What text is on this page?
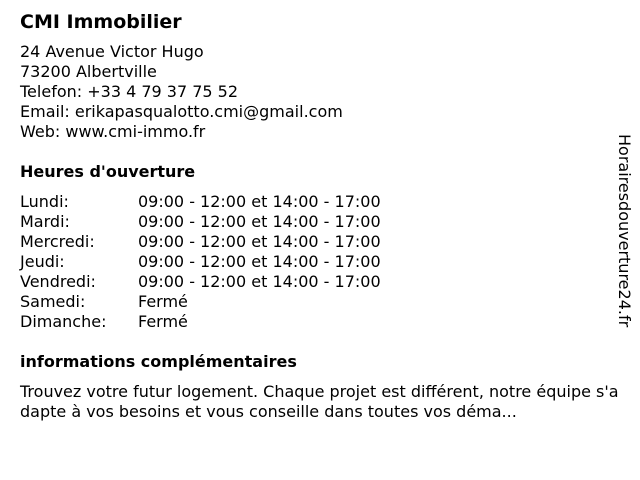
CMI Immobilier
24 Avenue Victor Hugo
73200 Albertville
Telefon: +33 4 79 37 75 52
Email: erikapasqualotto.cmi@gmail.com
Web: www.cmi-immo.fr
Heures d'ouverture
Lundi:	09:00 - 12:00 et 14:00 - 17:00
Mardi:	09:00 - 12:00 et 14:00 - 17:00
Mercredi:	09:00 - 12:00 et 14:00 - 17:00
Jeudi:	09:00 - 12:00 et 14:00 - 17:00
Vendredi:	09:00 - 12:00 et 14:00 - 17:00
Samedi:	Fermé
Dimanche:	Fermé
informations complémentaires
Trouvez votre futur logement. Chaque projet est différent, notre équipe s'adapte à vos besoins et vous conseille dans toutes vos déma...
Horairesdouverture24.fr
